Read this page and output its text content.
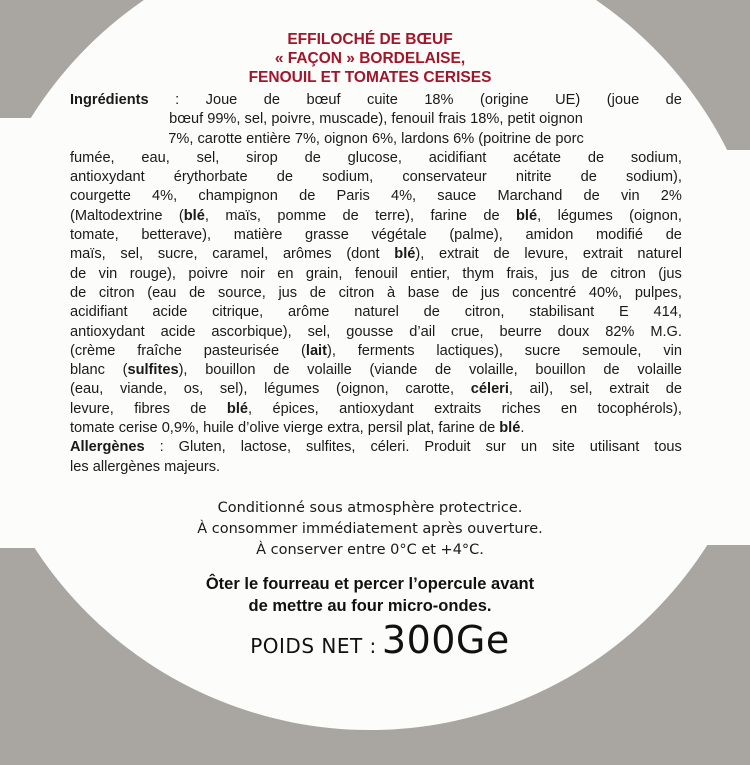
EFFILOCHÉ DE BŒUF
« FAÇON » BORDELAISE,
FENOUIL ET TOMATES CERISES
Ingrédients : Joue de bœuf cuite 18% (origine UE) (joue de
bœuf
99%,
sel,
poivre,
muscade),
fenouil
frais
18%,
petit
oignon
7%,
carotte
entière
7%,
oignon
6%,
lardons
6%
(poitrine
de
porc
fumée, eau, sel, sirop de glucose, acidifiant acétate de sodium,
antioxydant érythorbate de sodium, conservateur nitrite de sodium),
courgette 4%, champignon de Paris 4%, sauce Marchand de vin 2%
(Maltodextrine (blé, maïs, pomme de terre), farine de blé, légumes (oignon,
tomate, betterave), matière grasse végétale (palme), amidon modifié de
maïs, sel, sucre, caramel, arômes (dont blé), extrait de levure, extrait naturel
de vin rouge), poivre noir en grain, fenouil entier, thym frais, jus de citron (jus
de citron (eau de source, jus de citron à base de jus concentré 40%, pulpes,
acidifiant acide citrique, arôme naturel de citron, stabilisant E 414,
antioxydant acide ascorbique), sel, gousse d’ail crue, beurre doux 82% M.G.
(crème fraîche pasteurisée (lait), ferments lactiques), sucre semoule, vin
blanc (sulfites), bouillon de volaille (viande de volaille, bouillon de volaille
(eau, viande, os, sel), légumes (oignon, carotte, céleri, ail), sel, extrait de
levure, fibres de blé, épices, antioxydant extraits riches en tocophérols),
tomate
cerise
0,9%,
huile
d’olive
vierge
extra,
persil
plat,
farine
de
blé .
Allergènes : Gluten, lactose, sulfites, céleri. Produit sur un site utilisant tous
les
allergènes
majeurs.
Conditionné sous atmosphère protectrice.
À consommer immédiatement après ouverture.
À conserver entre 0°C et +4°C.
Ôter le fourreau et percer l’opercule avant
de mettre au four micro-ondes.
POIDS NET : 300Ge
